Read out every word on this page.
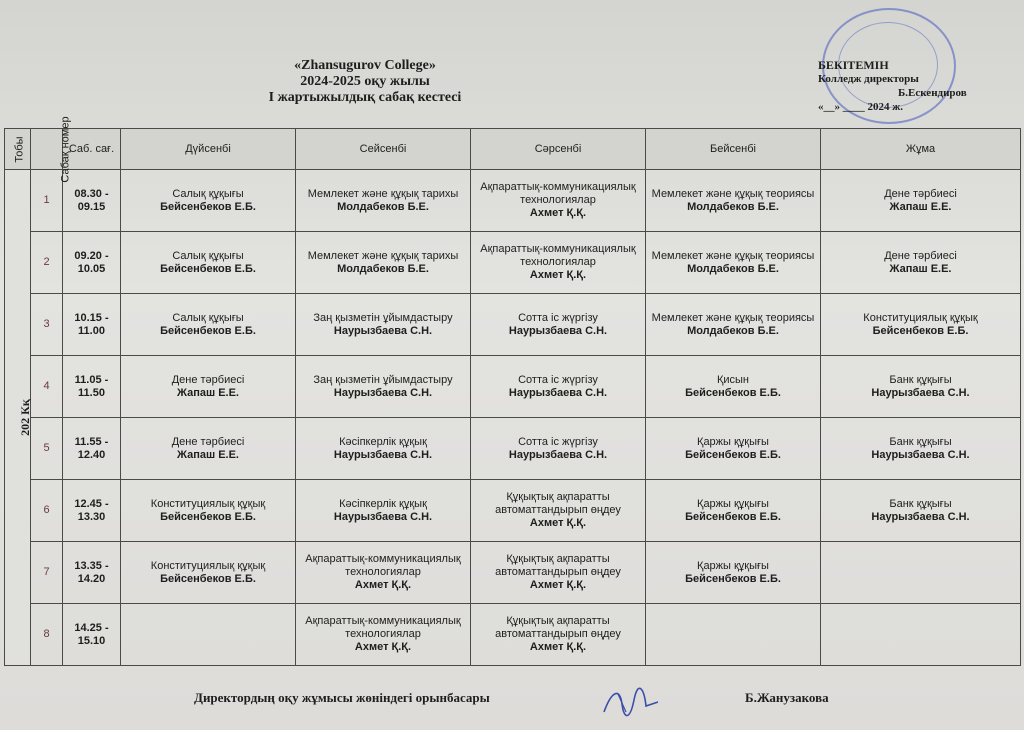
«Zhansugurov College»
2024-2025 оқу жылы
І жартыжылдық сабақ кестесі
БЕКІТЕМІН
Колледж директоры
Б.Ескендиров
«__» ____ 2024 ж.
Тобы	Сабақ номер	Саб. сағ.	Дүйсенбі	Сейсенбі	Сәрсенбі	Бейсенбі	Жұма
202 Кқ	1	08.30 - 09.15	Салық құқығы
Бейсенбеков Е.Б.	Мемлекет және құқық тарихы
Молдабеков Б.Е.	Ақпараттық-коммуникациялық технологиялар
Ахмет Қ.Қ.	Мемлекет және құқық теориясы
Молдабеков Б.Е.	Дене тәрбиесі
Жапаш Е.Е.

	2	09.20 - 10.05	Салық құқығы
Бейсенбеков Е.Б.	Мемлекет және құқық тарихы
Молдабеков Б.Е.	Ақпараттық-коммуникациялық технологиялар
Ахмет Қ.Қ.	Мемлекет және құқық теориясы
Молдабеков Б.Е.	Дене тәрбиесі
Жапаш Е.Е.

	3	10.15 - 11.00	Салық құқығы
Бейсенбеков Е.Б.	Заң қызметін ұйымдастыру
Наурызбаева С.Н.	Сотта іс жүргізу
Наурызбаева С.Н.	Мемлекет және құқық теориясы
Молдабеков Б.Е.	Конституциялық құқық
Бейсенбеков Е.Б.

	4	11.05 - 11.50	Дене тәрбиесі
Жапаш Е.Е.	Заң қызметін ұйымдастыру
Наурызбаева С.Н.	Сотта іс жүргізу
Наурызбаева С.Н.	Қисын
Бейсенбеков Е.Б.	Банк құқығы
Наурызбаева С.Н.

	5	11.55 - 12.40	Дене тәрбиесі
Жапаш Е.Е.	Кәсіпкерлік құқық
Наурызбаева С.Н.	Сотта іс жүргізу
Наурызбаева С.Н.	Қаржы құқығы
Бейсенбеков Е.Б.	Банк құқығы
Наурызбаева С.Н.

	6	12.45 - 13.30	Конституциялық құқық
Бейсенбеков Е.Б.	Кәсіпкерлік құқық
Наурызбаева С.Н.	Құқықтық ақпаратты автоматтандырып өңдеу
Ахмет Қ.Қ.	Қаржы құқығы
Бейсенбеков Е.Б.	Банк құқығы
Наурызбаева С.Н.

	7	13.35 - 14.20	Конституциялық құқық
Бейсенбеков Е.Б.	Ақпараттық-коммуникациялық технологиялар
Ахмет Қ.Қ.	Құқықтық ақпаратты автоматтандырып өңдеу
Ахмет Қ.Қ.	Қаржы құқығы
Бейсенбеков Е.Б.	

	8	14.25 - 15.10		Ақпараттық-коммуникациялық технологиялар
Ахмет Қ.Қ.	Құқықтық ақпаратты автоматтандырып өңдеу
Ахмет Қ.Қ.		

Директордың оқу жұмысы жөніндегі орынбасары	Б.Жанузакова
